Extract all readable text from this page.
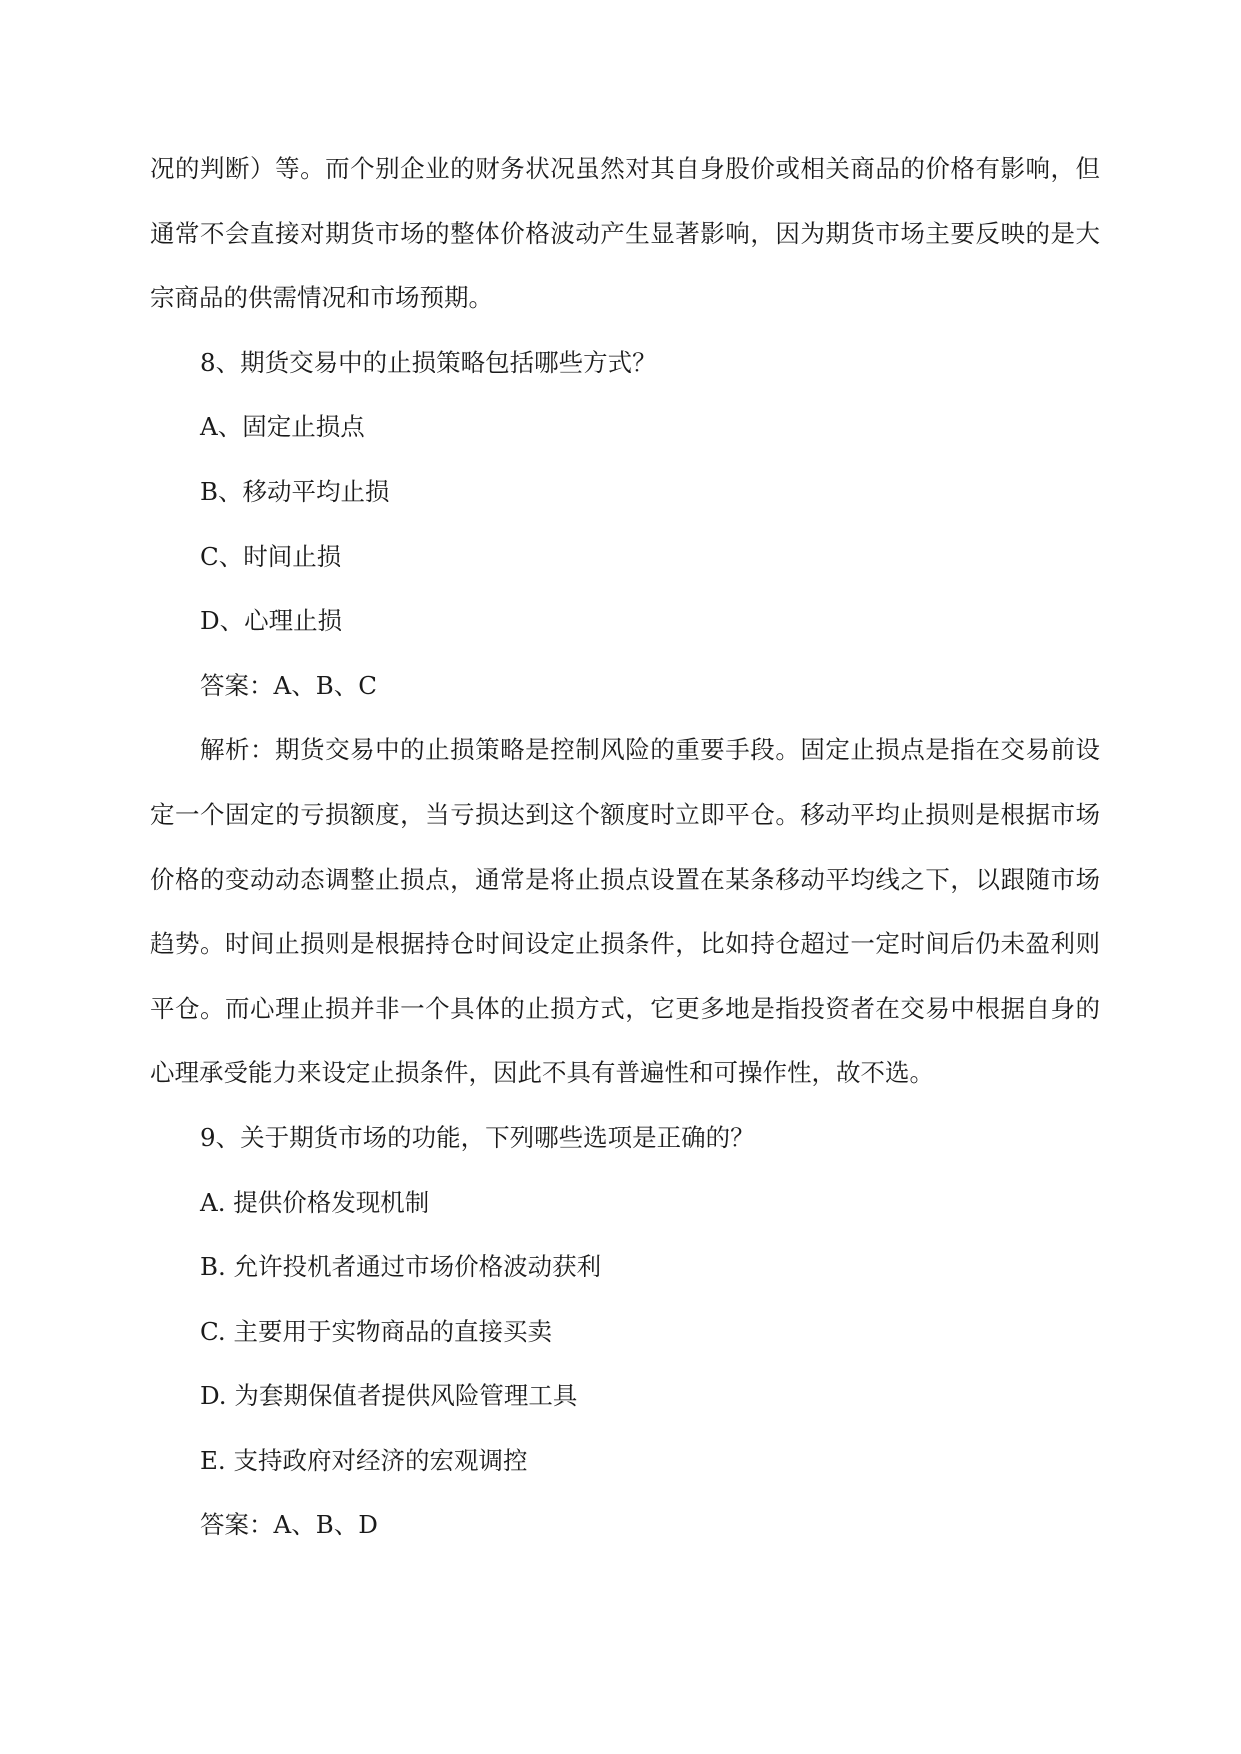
况的判断）等。而个别企业的财务状况虽然对其自身股价或相关商品的价格有影响，但
通常不会直接对期货市场的整体价格波动产生显著影响，因为期货市场主要反映的是大
宗商品的供需情况和市场预期。
8、期货交易中的止损策略包括哪些方式？
A、固定止损点
B、移动平均止损
C、时间止损
D、心理止损
答案：A、B、C
解析：期货交易中的止损策略是控制风险的重要手段。固定止损点是指在交易前设
定一个固定的亏损额度，当亏损达到这个额度时立即平仓。移动平均止损则是根据市场
价格的变动动态调整止损点，通常是将止损点设置在某条移动平均线之下，以跟随市场
趋势。时间止损则是根据持仓时间设定止损条件，比如持仓超过一定时间后仍未盈利则
平仓。而心理止损并非一个具体的止损方式，它更多地是指投资者在交易中根据自身的
心理承受能力来设定止损条件，因此不具有普遍性和可操作性，故不选。
9、关于期货市场的功能，下列哪些选项是正确的？
A. 提供价格发现机制
B. 允许投机者通过市场价格波动获利
C. 主要用于实物商品的直接买卖
D. 为套期保值者提供风险管理工具
E. 支持政府对经济的宏观调控
答案：A、B、D
